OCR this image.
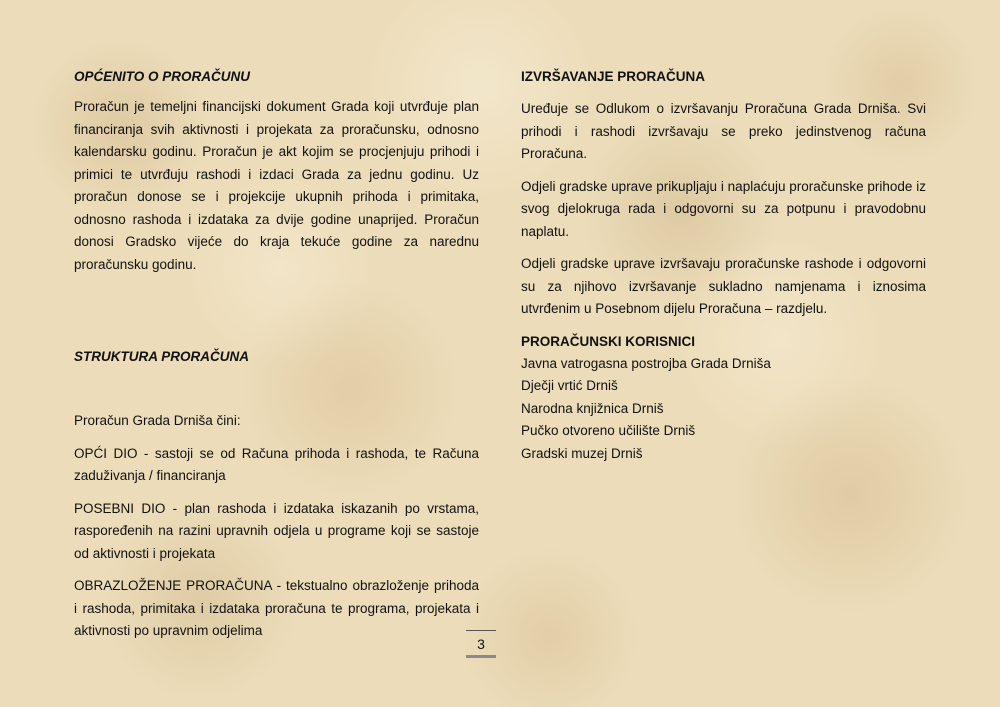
OPĆENITO O PRORAČUNU

Proračun je temeljni financijski dokument Grada koji utvrđuje plan financiranja svih aktivnosti i projekata za proračunsku, odnosno kalendarsku godinu. Proračun je akt kojim se procjenjuju prihodi i primici te utvrđuju rashodi i izdaci Grada za jednu godinu. Uz proračun donose se i projekcije ukupnih prihoda i primitaka, odnosno rashoda i izdataka za dvije godine unaprijed. Proračun donosi Gradsko vijeće do kraja tekuće godine za narednu proračunsku godinu.

STRUKTURA PRORAČUNA

Proračun Grada Drniša čini:

OPĆI DIO - sastoji se od Računa prihoda i rashoda, te Računa zaduživanja / financiranja

POSEBNI DIO - plan rashoda i izdataka iskazanih po vrstama, raspoređenih na razini upravnih odjela u programe koji se sastoje od aktivnosti i projekata

OBRAZLOŽENJE PRORAČUNA - tekstualno obrazloženje prihoda i rashoda, primitaka i izdataka proračuna te programa, projekata i aktivnosti po upravnim odjelima

IZVRŠAVANJE PRORAČUNA

Uređuje se Odlukom o izvršavanju Proračuna Grada Drniša. Svi prihodi i rashodi izvršavaju se preko jedinstvenog računa Proračuna.

Odjeli gradske uprave prikupljaju i naplaćuju proračunske prihode iz svog djelokruga rada i odgovorni su za potpunu i pravodobnu naplatu.

Odjeli gradske uprave izvršavaju proračunske rashode i odgovorni su za njihovo izvršavanje sukladno namjenama i iznosima utvrđenim u Posebnom dijelu Proračuna – razdjelu.

PRORAČUNSKI KORISNICI

Javna vatrogasna postrojba Grada Drniša

Dječji vrtić Drniš

Narodna knjižnica Drniš

Pučko otvoreno učilište Drniš

Gradski muzej Drniš

3
